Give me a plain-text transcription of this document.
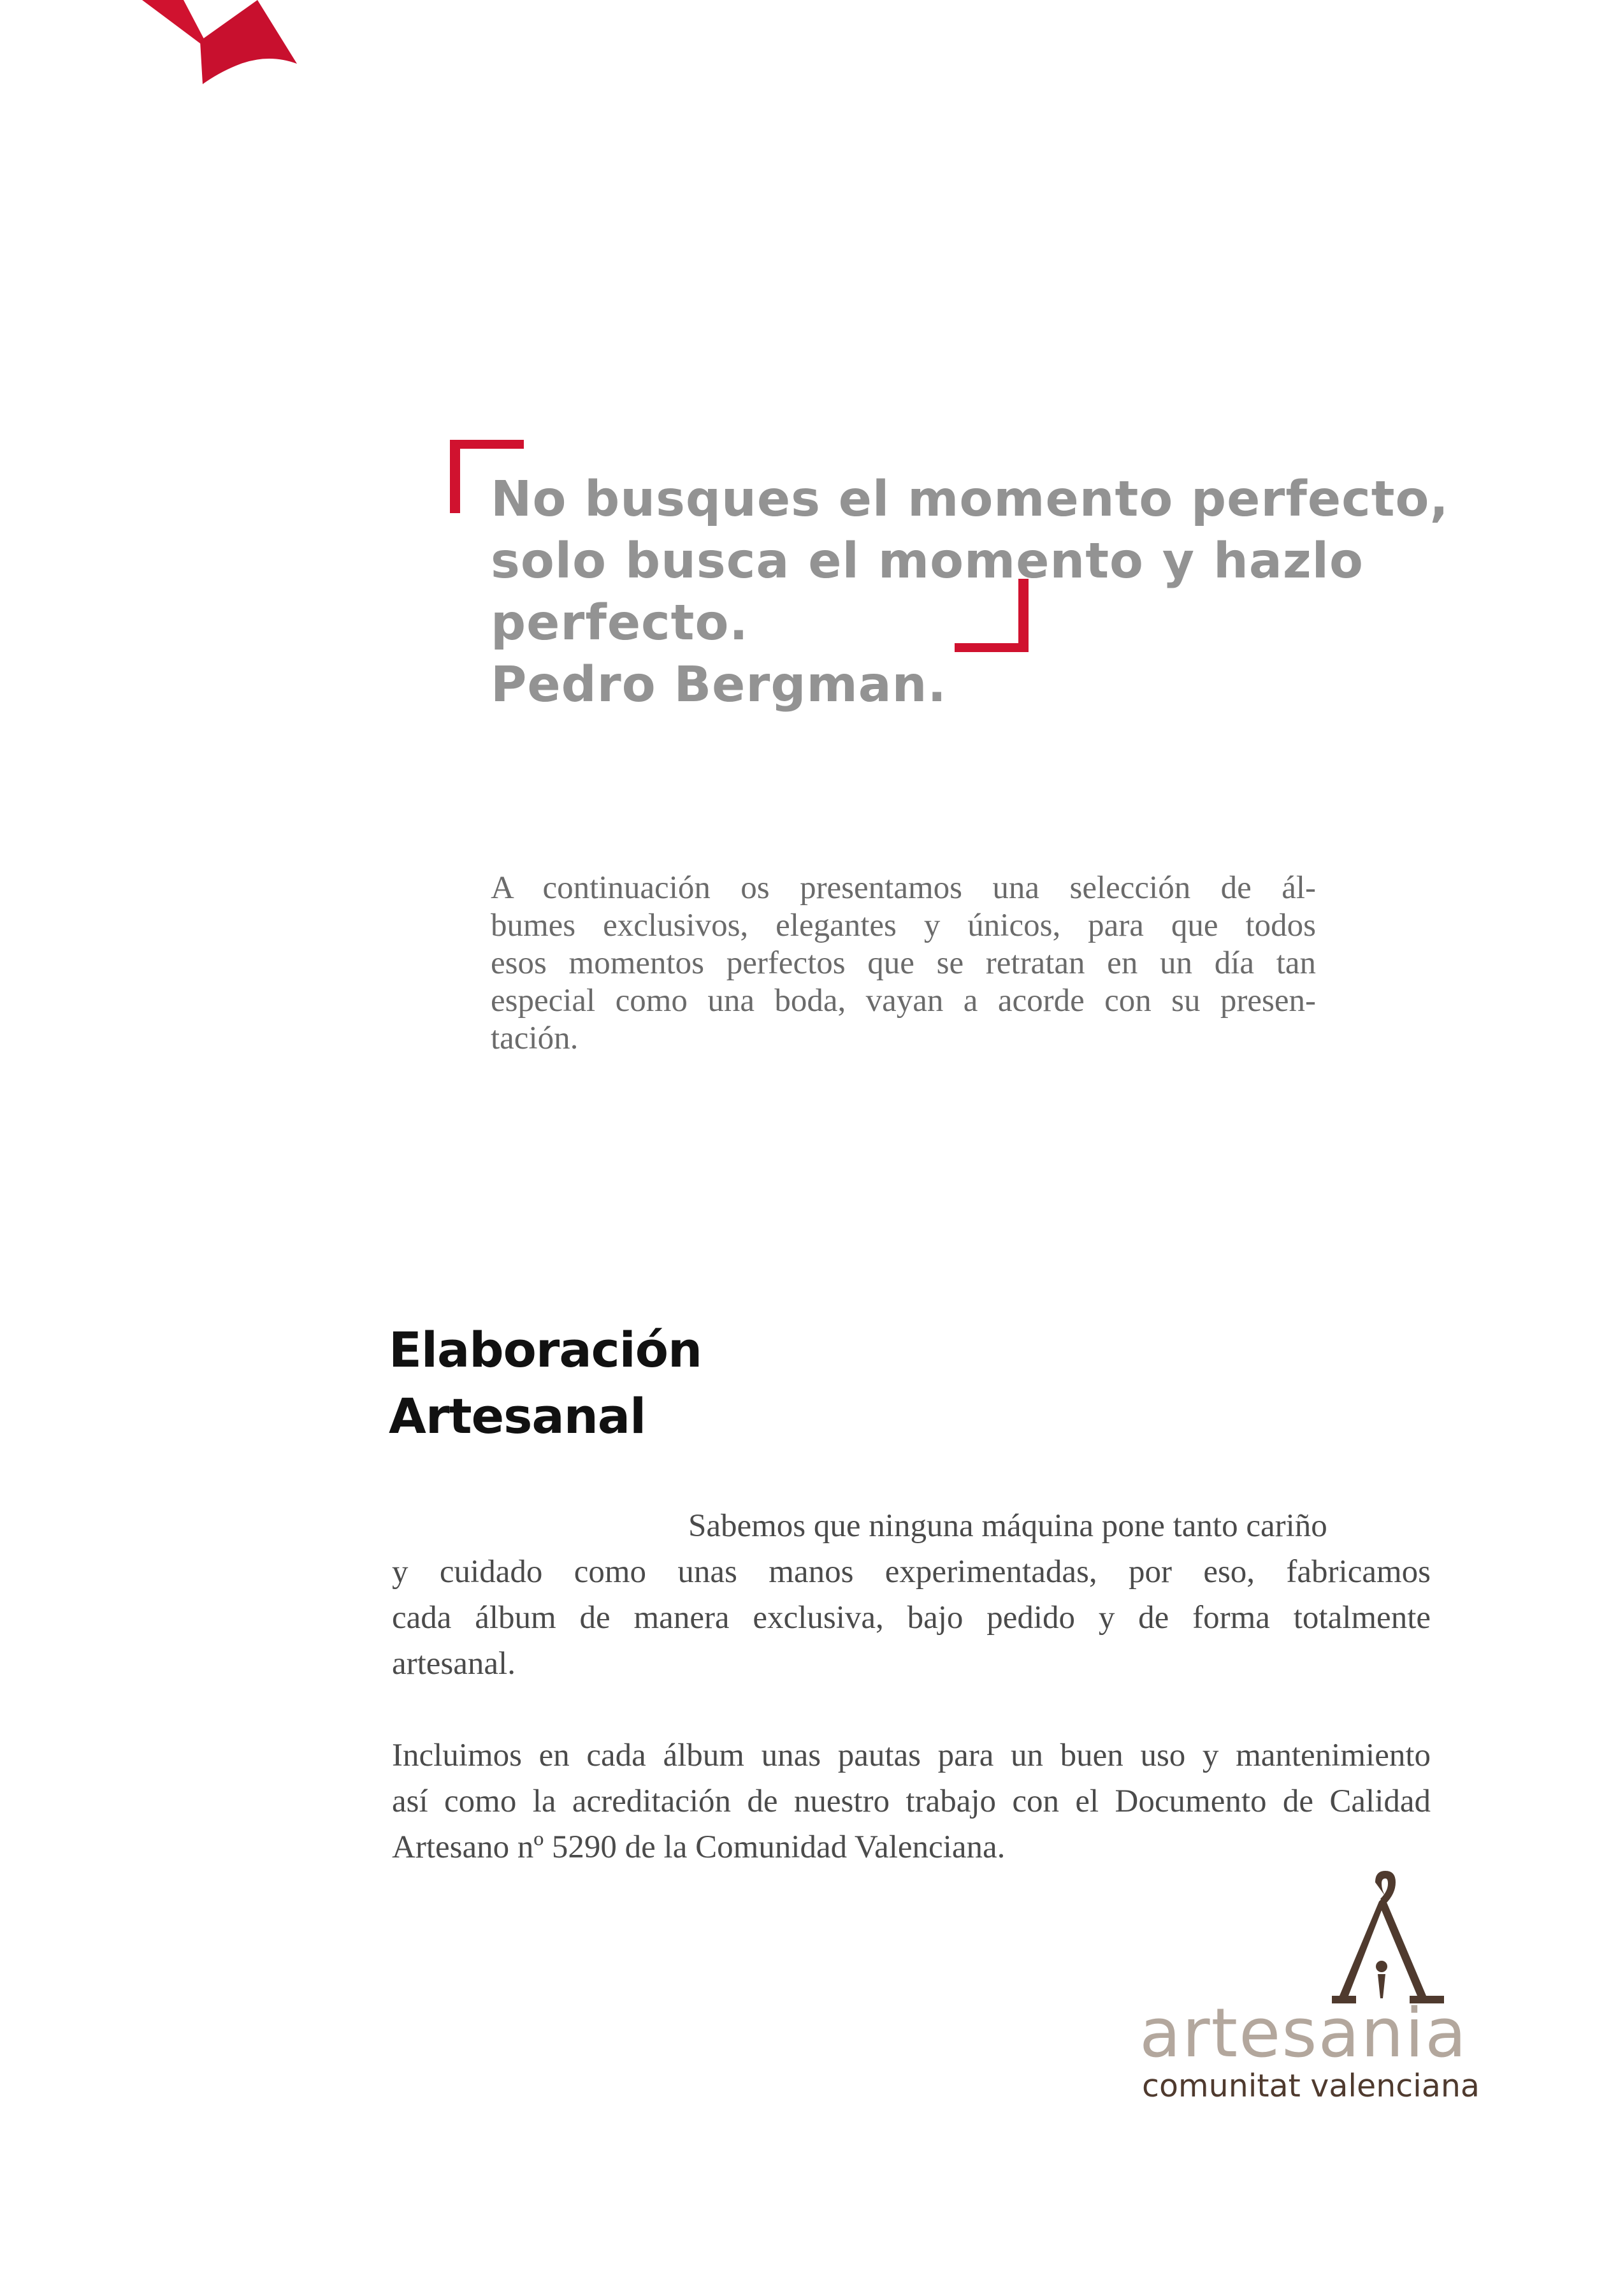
No busques el momento perfecto,
solo busca el momento y hazlo
perfecto.
Pedro Bergman.
A continuación os presentamos una selección de ál-
bumes exclusivos, elegantes y únicos, para que todos
esos momentos perfectos que se retratan en un día tan
especial como una boda, vayan a acorde con su presen-
tación.
Elaboración
Artesanal
Sabemos que ninguna máquina pone tanto cariño
y cuidado como unas manos experimentadas, por eso, fabricamos
cada álbum de manera exclusiva, bajo pedido y de forma totalmente
artesanal.
Incluimos en cada álbum unas pautas para un buen uso y mantenimiento
así como la acreditación de nuestro trabajo con el Documento de Calidad
Artesano nº 5290 de la Comunidad Valenciana.
artesania
comunitat valenciana
